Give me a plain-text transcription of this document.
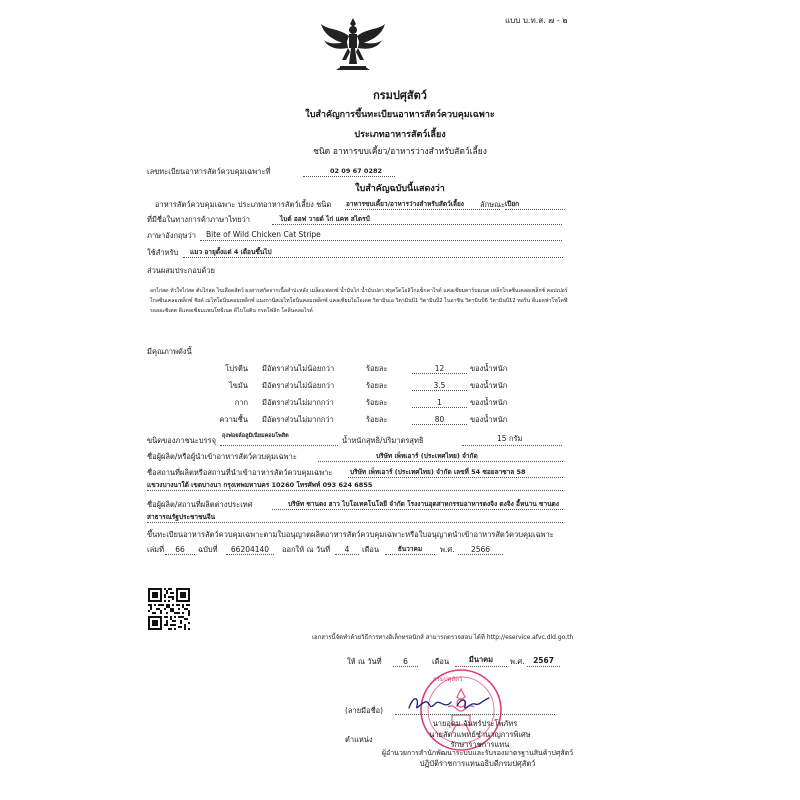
แบบ บ.ท.ส. ๗ - ๒
กรมปศุสัตว์
ใบสำคัญการขึ้นทะเบียนอาหารสัตว์ควบคุมเฉพาะ
ประเภทอาหารสัตว์เลี้ยง
ชนิด อาหารขบเคี้ยว/อาหารว่างสำหรับสัตว์เลี้ยง
เลขทะเบียนอาหารสัตว์ควบคุมเฉพาะที่	02 09 67 0282
ใบสำคัญฉบับนี้แสดงว่า
อาหารสัตว์ควบคุมเฉพาะ ประเภทอาหารสัตว์เลี้ยง ชนิด อาหารขบเคี้ยว/อาหารว่างสำหรับสัตว์เลี้ยง ลักษณะ เปียก
ที่มีชื่อในทางการค้าภาษาไทยว่า	ไบต์ ออฟ วายด์ ไก่ แคท สไตรป์
ภาษาอังกฤษว่า Bite of Wild Chicken Cat Stripe
ใช้สำหรับ แมว อายุตั้งแต่ 4 เดือนขึ้นไป
ส่วนผสมประกอบด้วย
อกไก่สด หัวใจไก่สด ตับไก่สด ไขเลือดสัตว์ ผงสารสกัดจากเนื้อสำปะหลัง เมล็ดแฟลกซ์ น้ำมันไก่ น้ำมันปลา ฟรุคโตโอลิโกแซ็กคาไรด์ แคลเซียมคาร์บอเนต เหล็กไกลซีนเคลอเพล็กซ์ คอปเปอร์ไกลซีนเคลอเพล็กซ์ ซิงค์ เมไทโอนีนคอมเพล็กซ์ แมงกานีสเมไทโอนีนคอมเพล็กซ์ แคลเซียมไอโอเดต วิตามินเอ วิตามินบี1 วิตามินบี2 ไนอาซิน วิตามินบี6 วิตามินบี12 ทอรีน ดีแอลฟาโทโคฟีรอลอะซิเตต ดีแคลเซียมแพนโทธีเนต ดีไบโอติน กรดโฟลิก โคลีนคลอไรด์
มีคุณภาพดังนี้
โปรตีน มีอัตราส่วนไม่น้อยกว่า	ร้อยละ	12	ของน้ำหนัก
ไขมัน มีอัตราส่วนไม่น้อยกว่า	ร้อยละ	3.5	ของน้ำหนัก
กาก มีอัตราส่วนไม่มากกว่า	ร้อยละ	1	ของน้ำหนัก
ความชื้น มีอัตราส่วนไม่มากกว่า	ร้อยละ	80	ของน้ำหนัก
ขนิดของภาชนะบรรจุ ถุงฟอยล์อลูมิเนียมคอมโพสิต	น้ำหนักสุทธิ/ปริมาตรสุทธิ	15 กรัม
ชื่อผู้ผลิต/หรือผู้นำเข้าอาหารสัตว์ควบคุมเฉพาะ	บริษัท เพ็ทเอาร์ (ประเทศไทย) จำกัด
ชื่อสถานที่ผลิตหรือสถานที่นำเข้าอาหารสัตว์ควบคุมเฉพาะ	บริษัท เพ็ทเอาร์ (ประเทศไทย) จำกัด เลขที่ 54 ซอยลาซาล 58
แขวงบางนาใต้ เขตบางนา กรุงเทพมหานคร 10260 โทรศัพท์ 093 624 6855
ชื่อผู้ผลิต/สถานที่ผลิตต่างประเทศ	บริษัท ซานตง ฮาว ไบโอเทคโนโลยี จำกัด โรงงานอุตสาหกรรมอาหารตงจิง ตงจิง อี้หนาน ซานตง
สาธารณรัฐประชาชนจีน
ขึ้นทะเบียนอาหารสัตว์ควบคุมเฉพาะตามใบอนุญาตผลิตอาหารสัตว์ควบคุมเฉพาะหรือใบอนุญาตนำเข้าอาหารสัตว์ควบคุมเฉพาะ
เล่มที่	66	ฉบับที่	66204140	ออกให้ ณ วันที่	4	เดือน	ธันวาคม	พ.ศ.	2566
เอกสารนี้จัดทำด้วยวิธีการทางอิเล็กทรอนิกส์ สามารถตรวจสอบ ได้ที่ http://eservice.afvc.dld.go.th
ให้ ณ วันที่	6	เดือน	มีนาคม	พ.ศ.	2567
กรมปศุสัตว์
(ลายมือชื่อ)
นายอุดม จันทร์ประโพภัทร
ตำแหน่ง
นายสัตวแพทย์ชำนาญการพิเศษ
รักษาราชการแทน
ผู้อำนวยการสำนักพัฒนาระบบและรับรองมาตรฐานสินค้าปศุสัตว์
ปฏิบัติราชการแทนอธิบดีกรมปศุสัตว์
